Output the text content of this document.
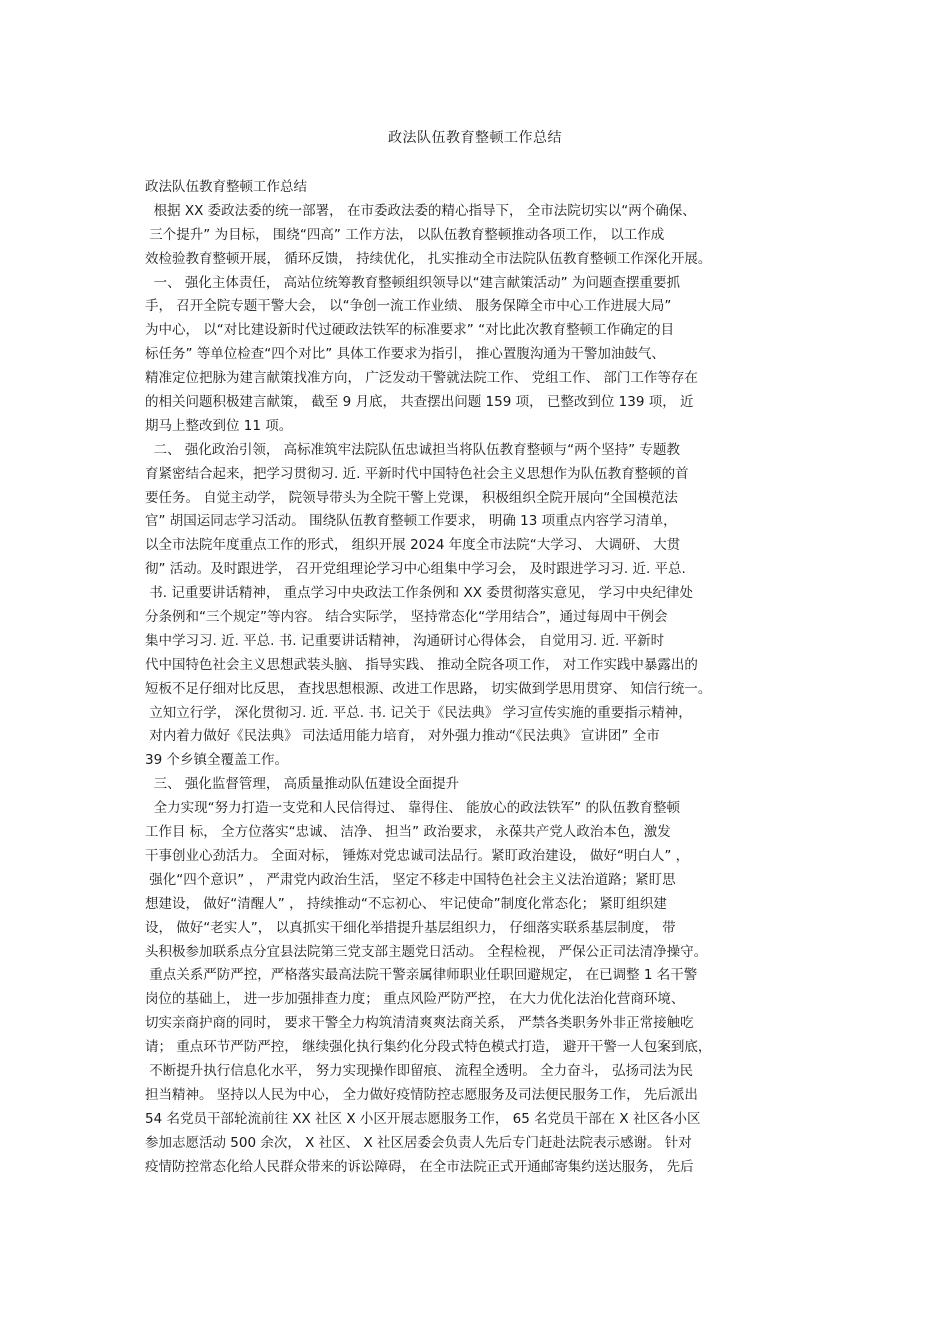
政法队伍教育整顿工作总结
政法队伍教育整顿工作总结
根据 XX 委政法委的统一部署， 在市委政法委的精心指导下， 全市法院切实以“两个确保、
三个提升” 为目标， 围绕“四高” 工作方法， 以队伍教育整顿推动各项工作， 以工作成
效检验教育整顿开展， 循环反馈， 持续优化， 扎实推动全市法院队伍教育整顿工作深化开展。
一、 强化主体责任， 高站位统筹教育整顿组织领导以“建言献策活动” 为问题查摆重要抓
手， 召开全院专题干警大会， 以“争创一流工作业绩、 服务保障全市中心工作进展大局”
为中心， 以“对比建设新时代过硬政法铁军的标准要求” “对比此次教育整顿工作确定的目
标任务” 等单位检查“四个对比” 具体工作要求为指引， 推心置腹沟通为干警加油鼓气、
精准定位把脉为建言献策找准方向， 广泛发动干警就法院工作、 党组工作、 部门工作等存在
的相关问题积极建言献策， 截至 9 月底， 共查摆出问题 159 项， 已整改到位 139 项， 近
期马上整改到位 11 项。
二、 强化政治引领， 高标准筑牢法院队伍忠诚担当将队伍教育整顿与“两个坚持” 专题教
育紧密结合起来，把学习贯彻习. 近. 平新时代中国特色社会主义思想作为队伍教育整顿的首
要任务。 自觉主动学， 院领导带头为全院干警上党课， 积极组织全院开展向“全国模范法
官” 胡国运同志学习活动。 围绕队伍教育整顿工作要求， 明确 13 项重点内容学习清单，
以全市法院年度重点工作的形式， 组织开展 2024 年度全市法院“大学习、 大调研、 大贯
彻” 活动。及时跟进学， 召开党组理论学习中心组集中学习会， 及时跟进学习习. 近. 平总.
书. 记重要讲话精神， 重点学习中央政法工作条例和 XX 委贯彻落实意见， 学习中央纪律处
分条例和“三个规定”等内容。 结合实际学， 坚持常态化“学用结合”，通过每周中干例会
集中学习习. 近. 平总. 书. 记重要讲话精神， 沟通研讨心得体会， 自觉用习. 近. 平新时
代中国特色社会主义思想武装头脑、 指导实践、 推动全院各项工作， 对工作实践中暴露出的
短板不足仔细对比反思， 查找思想根源、改进工作思路， 切实做到学思用贯穿、 知信行统一。
立知立行学， 深化贯彻习. 近. 平总. 书. 记关于《民法典》 学习宣传实施的重要指示精神，
对内着力做好《民法典》 司法适用能力培育， 对外强力推动“《民法典》 宣讲团” 全市
39 个乡镇全覆盖工作。
三、 强化监督管理， 高质量推动队伍建设全面提升
全力实现“努力打造一支党和人民信得过、 靠得住、 能放心的政法铁军” 的队伍教育整顿
工作目 标， 全方位落实“忠诚、 洁净、 担当” 政治要求， 永葆共产党人政治本色，激发
干事创业心劲活力。 全面对标， 锤炼对党忠诚司法品行。紧盯政治建设， 做好“明白人” ，
强化“四个意识” ， 严肃党内政治生活， 坚定不移走中国特色社会主义法治道路；紧盯思
想建设， 做好“清醒人” ， 持续推动“不忘初心、 牢记使命”制度化常态化； 紧盯组织建
设， 做好“老实人”， 以真抓实干细化举措提升基层组织力， 仔细落实联系基层制度， 带
头积极参加联系点分宜县法院第三党支部主题党日活动。 全程检视， 严保公正司法清净操守。
重点关系严防严控，严格落实最高法院干警亲属律师职业任职回避规定， 在已调整 1 名干警
岗位的基础上， 进一步加强排查力度； 重点风险严防严控， 在大力优化法治化营商环境、
切实亲商护商的同时， 要求干警全力构筑清清爽爽法商关系， 严禁各类职务外非正常接触吃
请； 重点环节严防严控， 继续强化执行集约化分段式特色模式打造， 避开干警一人包案到底，
不断提升执行信息化水平， 努力实现操作即留痕、 流程全透明。 全力奋斗， 弘扬司法为民
担当精神。 坚持以人民为中心， 全力做好疫情防控志愿服务及司法便民服务工作， 先后派出
54 名党员干部轮流前往 XX 社区 X 小区开展志愿服务工作， 65 名党员干部在 X 社区各小区
参加志愿活动 500 余次， X 社区、 X 社区居委会负责人先后专门赶赴法院表示感谢。 针对
疫情防控常态化给人民群众带来的诉讼障碍， 在全市法院正式开通邮寄集约送达服务， 先后
